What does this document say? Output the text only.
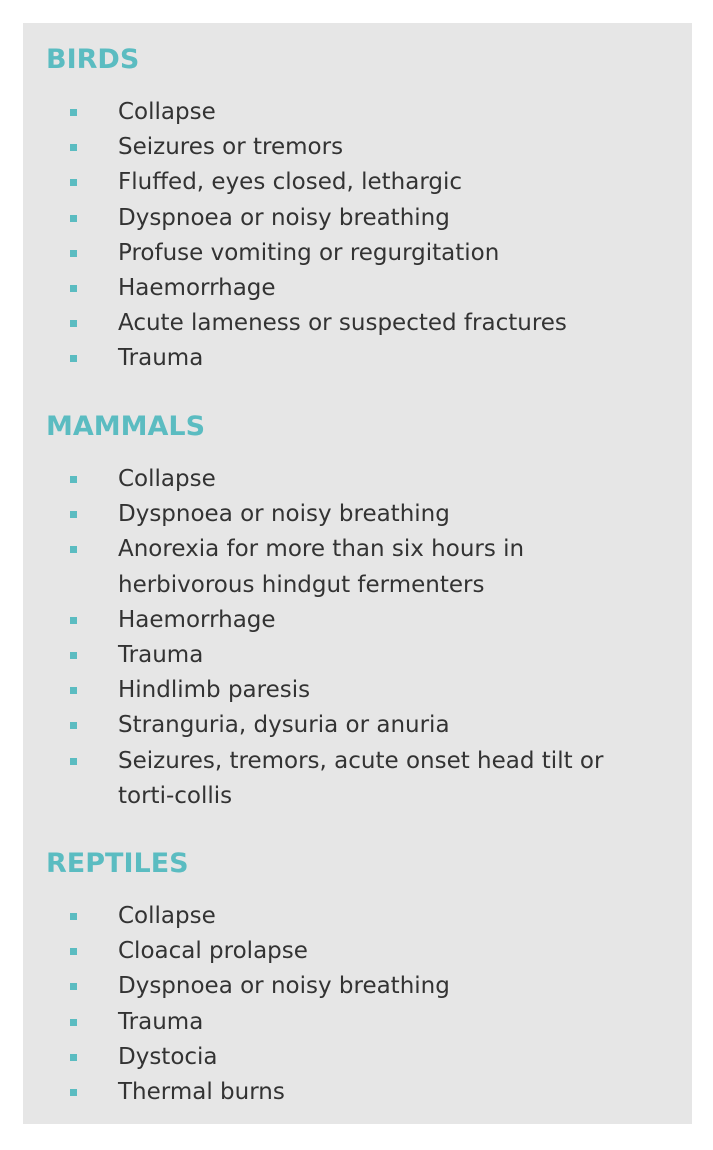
BIRDS
Collapse
Seizures or tremors
Fluffed, eyes closed, lethargic
Dyspnoea or noisy breathing
Profuse vomiting or regurgitation
Haemorrhage
Acute lameness or suspected fractures
Trauma
MAMMALS
Collapse
Dyspnoea or noisy breathing
Anorexia for more than six hours in herbivorous hindgut fermenters
Haemorrhage
Trauma
Hindlimb paresis
Stranguria, dysuria or anuria
Seizures, tremors, acute onset head tilt or torti-collis
REPTILES
Collapse
Cloacal prolapse
Dyspnoea or noisy breathing
Trauma
Dystocia
Thermal burns
